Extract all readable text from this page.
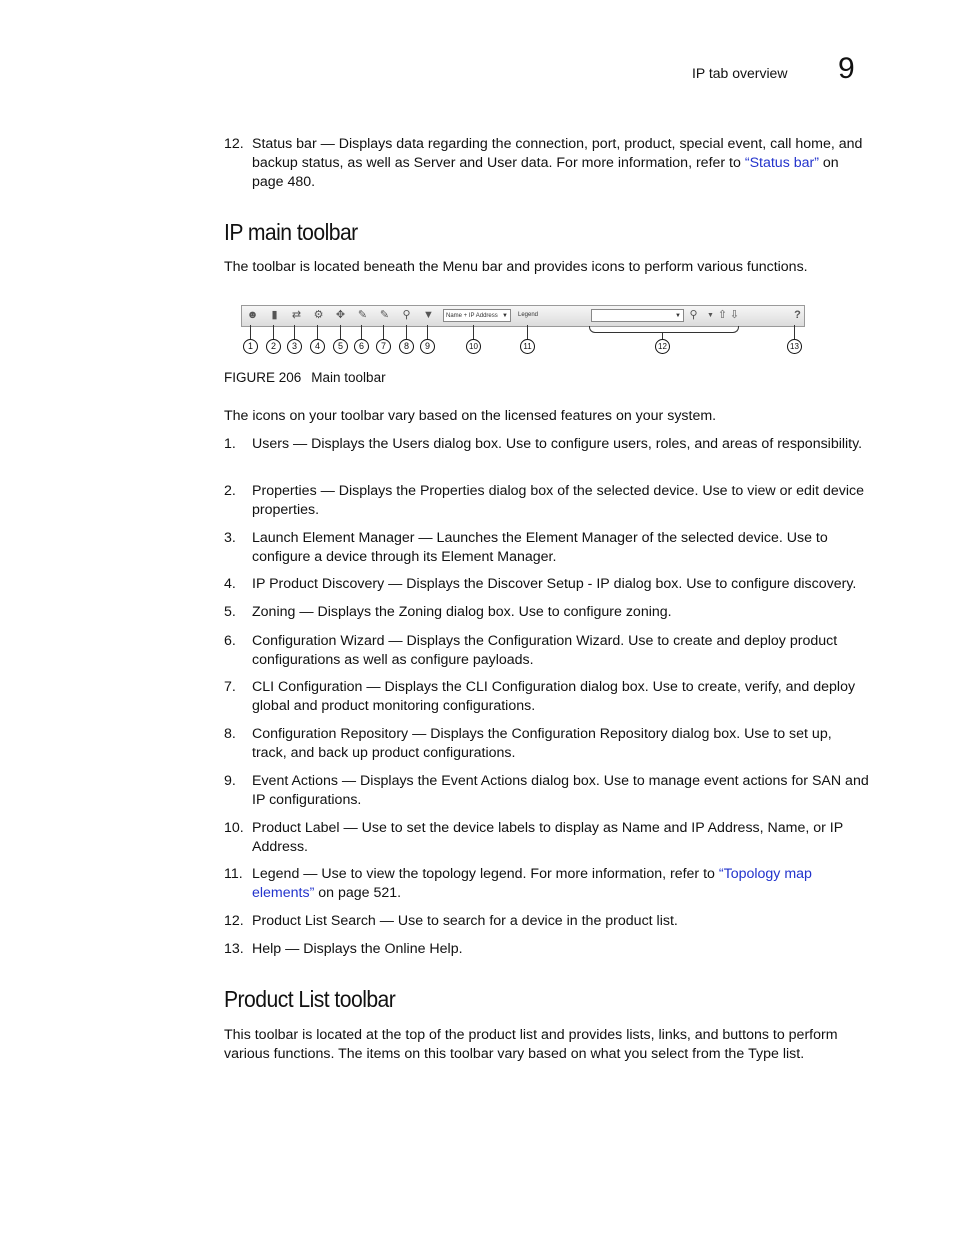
IP tab overview 9
12. Status bar — Displays data regarding the connection, port, product, special event, call home, and backup status, as well as Server and User data. For more information, refer to “Status bar” on page 480.
IP main toolbar

The toolbar is located beneath the Menu bar and provides icons to perform various functions.

☻	▮	⇄ ⚙ ✥ ✎ ✎ ⚲ ▼	Name + IP Address ▼ Legend	▼ ⚲	▼ ⇧ ⇩	?
1	2	3	4	5	6	7	8	9	10	11	12	13
FIGURE 206 Main toolbar

The icons on your toolbar vary based on the licensed features on your system.

1. Users — Displays the Users dialog box. Use to configure users, roles, and areas of responsibility.
2. Properties — Displays the Properties dialog box of the selected device. Use to view or edit device properties.
3. Launch Element Manager — Launches the Element Manager of the selected device. Use to configure a device through its Element Manager.
4. IP Product Discovery — Displays the Discover Setup - IP dialog box. Use to configure discovery.
5. Zoning — Displays the Zoning dialog box. Use to configure zoning.
6. Configuration Wizard — Displays the Configuration Wizard. Use to create and deploy product configurations as well as configure payloads.
7. CLI Configuration — Displays the CLI Configuration dialog box. Use to create, verify, and deploy global and product monitoring configurations.
8. Configuration Repository — Displays the Configuration Repository dialog box. Use to set up, track, and back up product configurations.
9. Event Actions — Displays the Event Actions dialog box. Use to manage event actions for SAN and IP configurations.
10. Product Label — Use to set the device labels to display as Name and IP Address, Name, or IP Address.
11. Legend — Use to view the topology legend. For more information, refer to “Topology map elements” on page 521.
12. Product List Search — Use to search for a device in the product list.
13. Help — Displays the Online Help.
Product List toolbar

This toolbar is located at the top of the product list and provides lists, links, and buttons to perform various functions. The items on this toolbar vary based on what you select from the Type list.
